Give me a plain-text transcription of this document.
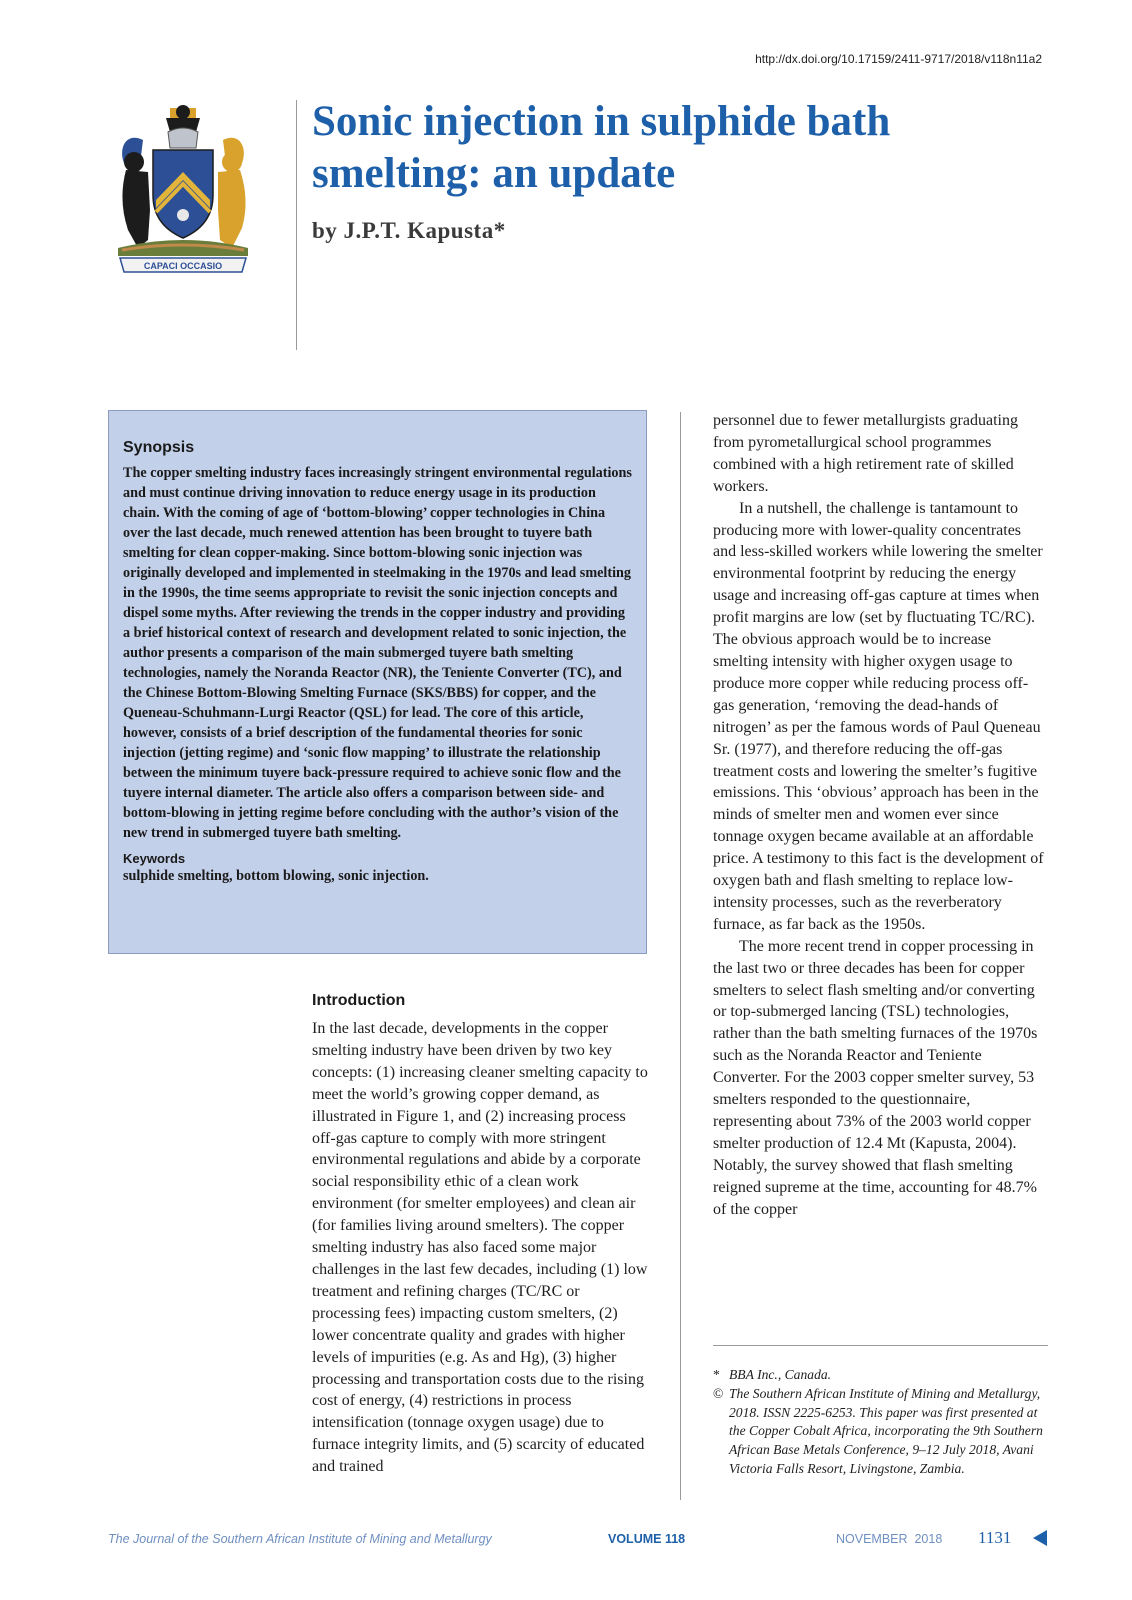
http://dx.doi.org/10.17159/2411-9717/2018/v118n11a2
CAPACI OCCASIO
Sonic injection in sulphide bath smelting: an update

by J.P.T. Kapusta*

Synopsis

The copper smelting industry faces increasingly stringent environmental regulations and must continue driving innovation to reduce energy usage in its production chain. With the coming of age of ‘bottom-blowing’ copper technologies in China over the last decade, much renewed attention has been brought to tuyere bath smelting for clean copper-making. Since bottom-blowing sonic injection was originally developed and implemented in steelmaking in the 1970s and lead smelting in the 1990s, the time seems appropriate to revisit the sonic injection concepts and dispel some myths. After reviewing the trends in the copper industry and providing a brief historical context of research and development related to sonic injection, the author presents a comparison of the main submerged tuyere bath smelting technologies, namely the Noranda Reactor (NR), the Teniente Converter (TC), and the Chinese Bottom-Blowing Smelting Furnace (SKS/BBS) for copper, and the Queneau-Schuhmann-Lurgi Reactor (QSL) for lead. The core of this article, however, consists of a brief description of the fundamental theories for sonic injection (jetting regime) and ‘sonic flow mapping’ to illustrate the relationship between the minimum tuyere back-pressure required to achieve sonic flow and the tuyere internal diameter. The article also offers a comparison between side- and bottom-blowing in jetting regime before concluding with the author’s vision of the new trend in submerged tuyere bath smelting.

Keywords

sulphide smelting, bottom blowing, sonic injection.

Introduction

In the last decade, developments in the copper smelting industry have been driven by two key concepts: (1) increasing cleaner smelting capacity to meet the world’s growing copper demand, as illustrated in Figure 1, and (2) increasing process off-gas capture to comply with more stringent environmental regulations and abide by a corporate social responsibility ethic of a clean work environment (for smelter employees) and clean air (for families living around smelters). The copper smelting industry has also faced some major challenges in the last few decades, including (1) low treatment and refining charges (TC/RC or processing fees) impacting custom smelters, (2) lower concentrate quality and grades with higher levels of impurities (e.g. As and Hg), (3) higher processing and transportation costs due to the rising cost of energy, (4) restrictions in process intensification (tonnage oxygen usage) due to furnace integrity limits, and (5) scarcity of educated and trained

personnel due to fewer metallurgists graduating from pyrometallurgical school programmes combined with a high retirement rate of skilled workers.

In a nutshell, the challenge is tantamount to producing more with lower-quality concentrates and less-skilled workers while lowering the smelter environmental footprint by reducing the energy usage and increasing off-gas capture at times when profit margins are low (set by fluctuating TC/RC). The obvious approach would be to increase smelting intensity with higher oxygen usage to produce more copper while reducing process off-gas generation, ‘removing the dead-hands of nitrogen’ as per the famous words of Paul Queneau Sr. (1977), and therefore reducing the off-gas treatment costs and lowering the smelter’s fugitive emissions. This ‘obvious’ approach has been in the minds of smelter men and women ever since tonnage oxygen became available at an affordable price. A testimony to this fact is the development of oxygen bath and flash smelting to replace low-intensity processes, such as the reverberatory furnace, as far back as the 1950s.

The more recent trend in copper processing in the last two or three decades has been for copper smelters to select flash smelting and/or converting or top-submerged lancing (TSL) technologies, rather than the bath smelting furnaces of the 1970s such as the Noranda Reactor and Teniente Converter. For the 2003 copper smelter survey, 53 smelters responded to the questionnaire, representing about 73% of the 2003 world copper smelter production of 12.4 Mt (Kapusta, 2004). Notably, the survey showed that flash smelting reigned supreme at the time, accounting for 48.7% of the copper

* BBA Inc., Canada.

© The Southern African Institute of Mining and Metallurgy, 2018. ISSN 2225-6253. This paper was first presented at the Copper Cobalt Africa, incorporating the 9th Southern African Base Metals Conference, 9–12 July 2018, Avani Victoria Falls Resort, Livingstone, Zambia.

The Journal of the Southern African Institute of Mining and Metallurgy	VOLUME 118	NOVEMBER  2018 1131
